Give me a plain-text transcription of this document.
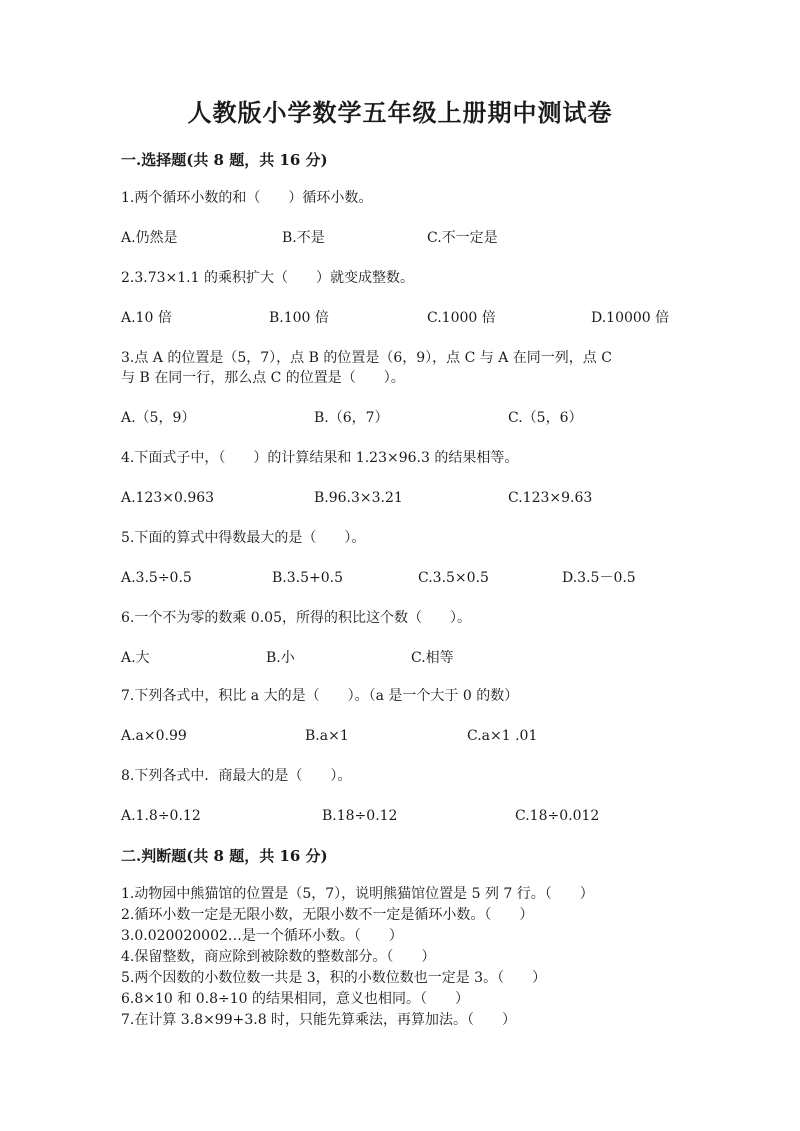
人教版小学数学五年级上册期中测试卷
一.选择题(共 8 题，共 16 分)
1.两个循环小数的和（　　）循环小数。
A.仍然是	B.不是	C.不一定是
2.3.73×1.1 的乘积扩大（　　）就变成整数。
A.10 倍	B.100 倍	C.1000 倍	D.10000 倍
3.点 A 的位置是（5，7），点 B 的位置是（6，9），点 C 与 A 在同一列，点 C
与 B 在同一行，那么点 C 的位置是（　　）。
A.（5，9）	B.（6，7）	C.（5，6）
4.下面式子中，（　　）的计算结果和 1.23×96.3 的结果相等。
A.123×0.963	B.96.3×3.21	C.123×9.63
5.下面的算式中得数最大的是（　　）。
A.3.5÷0.5	B.3.5+0.5	C.3.5×0.5	D.3.5－0.5
6.一个不为零的数乘 0.05，所得的积比这个数（　　）。
A.大	B.小	C.相等
7.下列各式中，积比 a 大的是（　　）。（a 是一个大于 0 的数）
A.a×0.99	B.a×1	C.a×1 .01
8.下列各式中．商最大的是（　　）。
A.1.8÷0.12	B.18÷0.12	C.18÷0.012
二.判断题(共 8 题，共 16 分)
1.动物园中熊猫馆的位置是（5，7），说明熊猫馆位置是 5 列 7 行。（　　）
2.循环小数一定是无限小数，无限小数不一定是循环小数。（　　）
3.0.020020002…是一个循环小数。（　　）
4.保留整数，商应除到被除数的整数部分。（　　）
5.两个因数的小数位数一共是 3，积的小数位数也一定是 3。（　　）
6.8×10 和 0.8÷10 的结果相同，意义也相同。（　　）
7.在计算 3.8×99+3.8 时，只能先算乘法，再算加法。（　　）
